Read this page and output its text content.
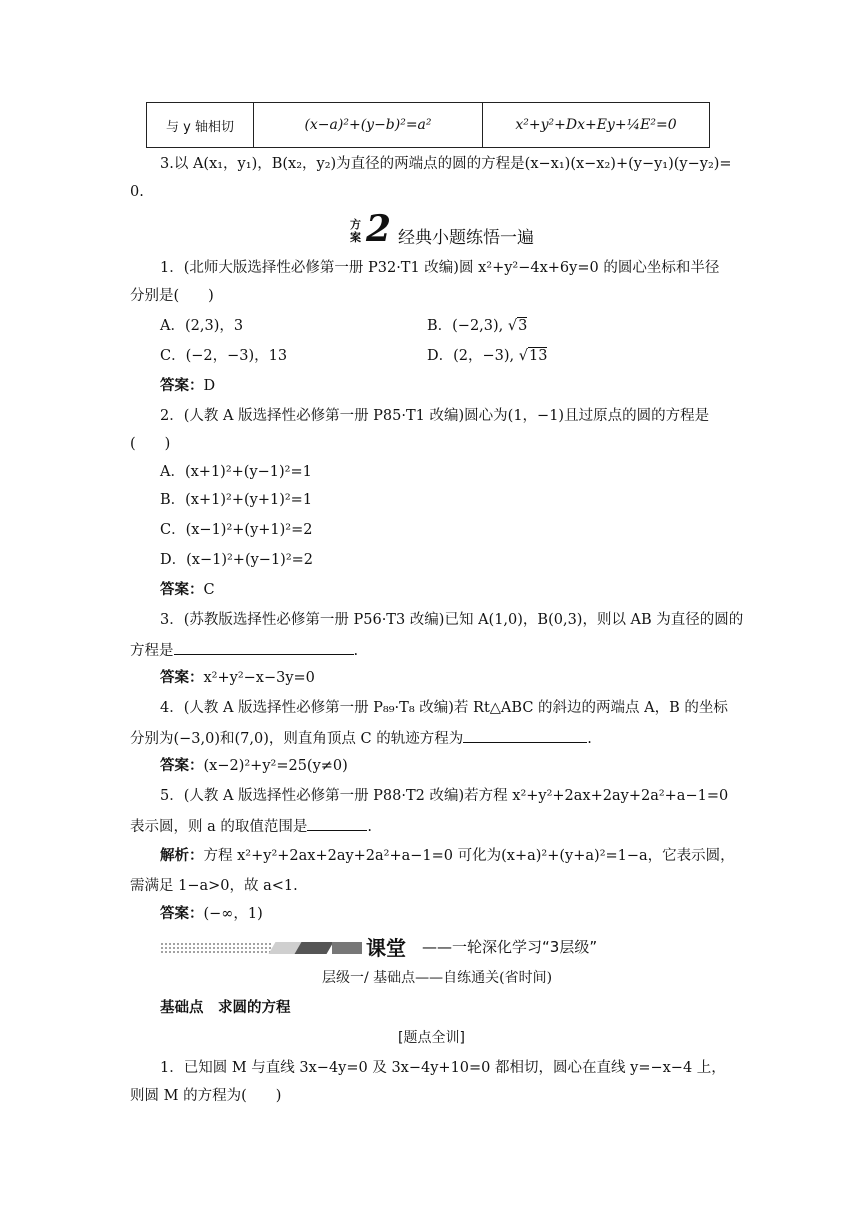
与 y 轴相切	(x−a)²+(y−b)²=a²	x²+y²+Dx+Ey+¼E²=0
3.以 A(x₁，y₁)，B(x₂，y₂)为直径的两端点的圆的方程是(x−x₁)(x−x₂)+(y−y₁)(y−y₂)=
0.
方案 2 经典小题练悟一遍
1．(北师大版选择性必修第一册 P32·T1 改编)圆 x²+y²−4x+6y=0 的圆心坐标和半径
分别是(　　)
A．(2,3)，3	B．(−2,3), √3
C．(−2，−3)，13	D．(2，−3), √13
答案：D
2．(人教 A 版选择性必修第一册 P85·T1 改编)圆心为(1，−1)且过原点的圆的方程是
(　　)
A．(x+1)²+(y−1)²=1
B．(x+1)²+(y+1)²=1
C．(x−1)²+(y+1)²=2
D．(x−1)²+(y−1)²=2
答案：C
3．(苏教版选择性必修第一册 P56·T3 改编)已知 A(1,0)，B(0,3)，则以 AB 为直径的圆的
方程是	.
答案：x²+y²−x−3y=0
4．(人教 A 版选择性必修第一册 P₈₉·T₈ 改编)若 Rt△ABC 的斜边的两端点 A，B 的坐标
分别为(−3,0)和(7,0)，则直角顶点 C 的轨迹方程为	.
答案：(x−2)²+y²=25(y≠0)
5．(人教 A 版选择性必修第一册 P88·T2 改编)若方程 x²+y²+2ax+2ay+2a²+a−1=0
表示圆，则 a 的取值范围是	.
解析：方程 x²+y²+2ax+2ay+2a²+a−1=0 可化为(x+a)²+(y+a)²=1−a，它表示圆，
需满足 1−a>0，故 a<1.
答案：(−∞，1)
课堂 ——一轮深化学习“3层级”
层级一/ 基础点——自练通关(省时间)
基础点　 求圆的方程
[题点全训]
1．已知圆 M 与直线 3x−4y=0 及 3x−4y+10=0 都相切，圆心在直线 y=−x−4 上，
则圆 M 的方程为(　　)
